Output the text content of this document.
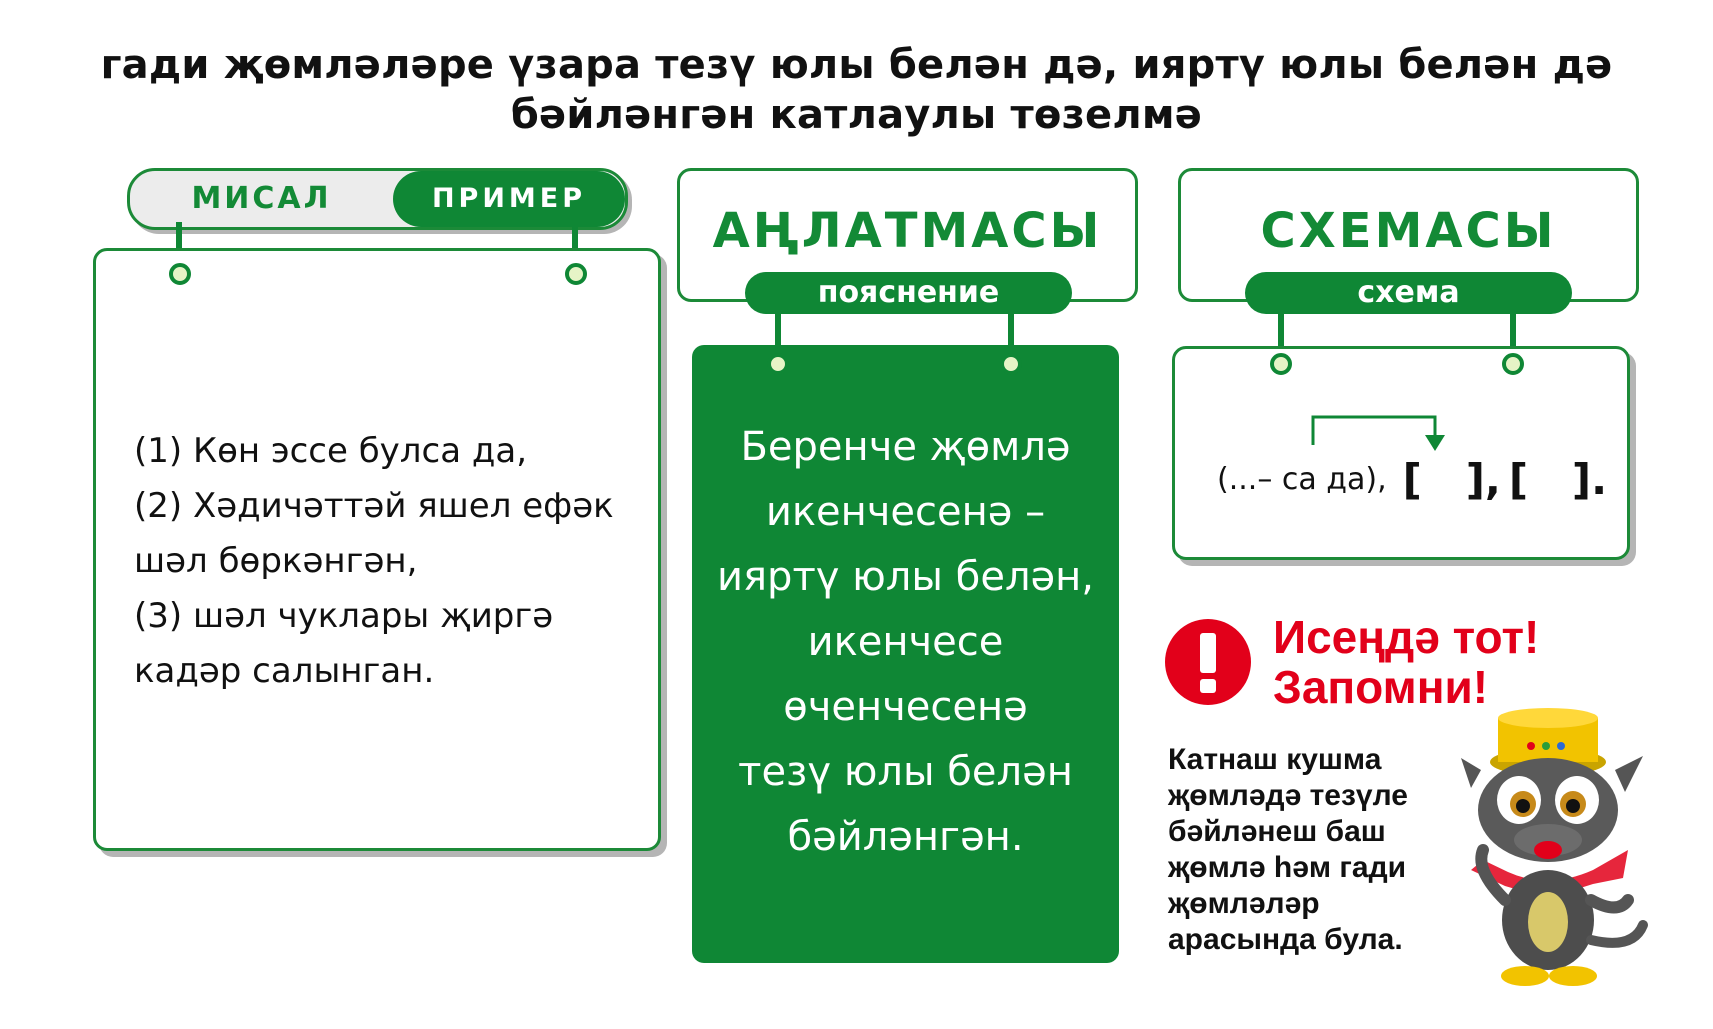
гади җөмләләре үзара тезү юлы белән дә, ияртү юлы белән дә
бәйләнгән катлаулы төзелмә
МИСАЛ	ПРИМЕР
(1) Көн эссе булса да,
(2) Хәдичәттәй яшел ефәк
шәл бөркәнгән,
(3) шәл чуклары җиргә
кадәр салынган.
АҢЛАТМАСЫ
пояснение
Беренче җөмлә
икенчесенә –
ияртү юлы белән,
икенчесе
өченчесенә
тезү юлы белән
бәйләнгән.
СХЕМАСЫ
схема
(...– са да), [   ], [   ].
Исеңдә тот!
Запомни!
Катнаш кушма
җөмләдә тезүле
бәйләнеш баш
җөмлә һәм гади
җөмләләр
арасында була.
